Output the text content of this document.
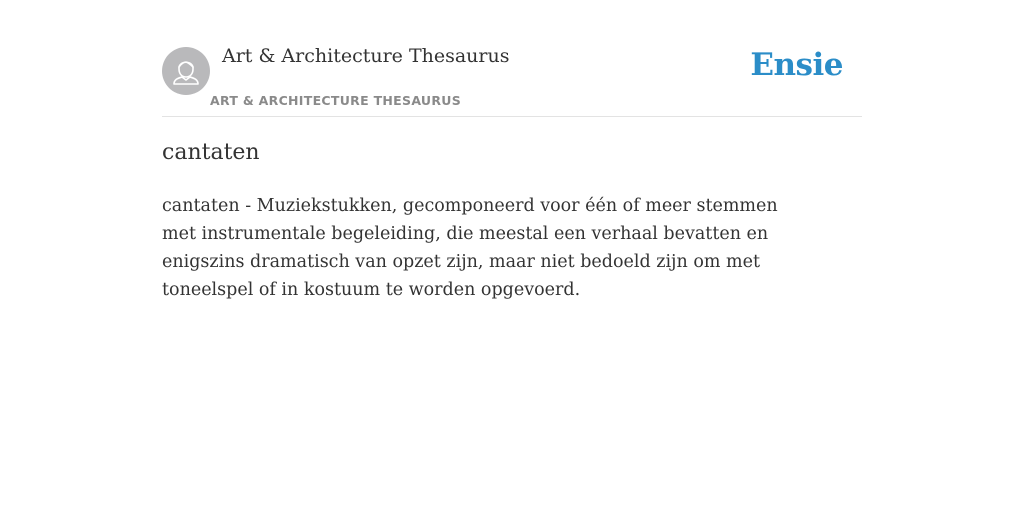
Art & Architecture Thesaurus
ART & ARCHITECTURE THESAURUS
Ensie
cantaten

cantaten - Muziekstukken, gecomponeerd voor één of meer stemmen met instrumentale begeleiding, die meestal een verhaal bevatten en enigszins dramatisch van opzet zijn, maar niet bedoeld zijn om met toneelspel of in kostuum te worden opgevoerd.
